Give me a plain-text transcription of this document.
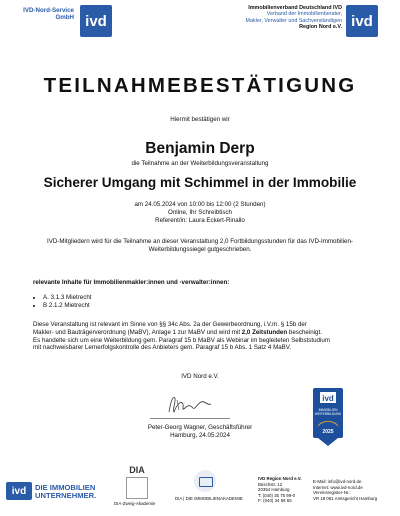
IVD-Nord-Service
GmbH ivd
Immobilienverband Deutschland IVD
Verband der Immobilienberater,
Makler, Verwalter und Sachverständigen
Region Nord e.V. ivd
TEILNAHMEBESTÄTIGUNG
Hiermit bestätigen wir
Benjamin Derp
die Teilnahme an der Weiterbildungsveranstaltung
Sicherer Umgang mit Schimmel in der Immobilie
am 24.05.2024 von 10:00 bis 12:00 (2 Stunden)
Online, Ihr Schreibtisch
Referent/in: Laura Eckert-Rinallo
IVD-Mitgliedern wird für die Teilnahme an dieser Veranstaltung 2,0 Fortbildungsstunden für das IVD-Immobilien-
Weiterbildungssiegel gutgeschrieben.
relevante Inhalte für Immobilienmakler:innen und -verwalter:innen:
• A. 3.1.3 Mietrecht
• B 2.1.2 Mietrecht
Diese Veranstaltung ist relevant im Sinne von §§ 34c Abs. 2a der Gewerbeordnung, i.V.m. § 15b der
Makler- und Bauträgerverordnung (MaBV), Anlage 1 zur MaBV und wird mit 2,0 Zeitstunden bescheinigt.
Es handelte sich um eine Weiterbildung gem. Paragraf 15 b MaBV als Webinar im begleiteten Selbststudium
mit nachweisbarer Lernerfolgskontrolle des Anbieters gem. Paragraf 15 b Abs. 1 Satz 4 MaBV.
IVD Nord e.V.
Peter-Georg Wagner, Geschäftsführer
Hamburg, 24.05.2024
ivd
IMMOBILIEN
WEITERBILDUNG
2025
ivd DIE IMMOBILIEN
UNTERNEHMER.
DIA
DIA-Zweig-Akademie
DIA | DIE IMMOBILIENAKADEMIE
IVD Region Nord e.V.
Büschstr. 12
20354 Hamburg
T: (040) 35 75 99-0
F: (040) 34 56 55
E-Mail: info@ivd-nord.de
Internet: www.ivd-nord.de
Vereinsregister-Nr.:
VR 18 081 Amtsgericht Hamburg
